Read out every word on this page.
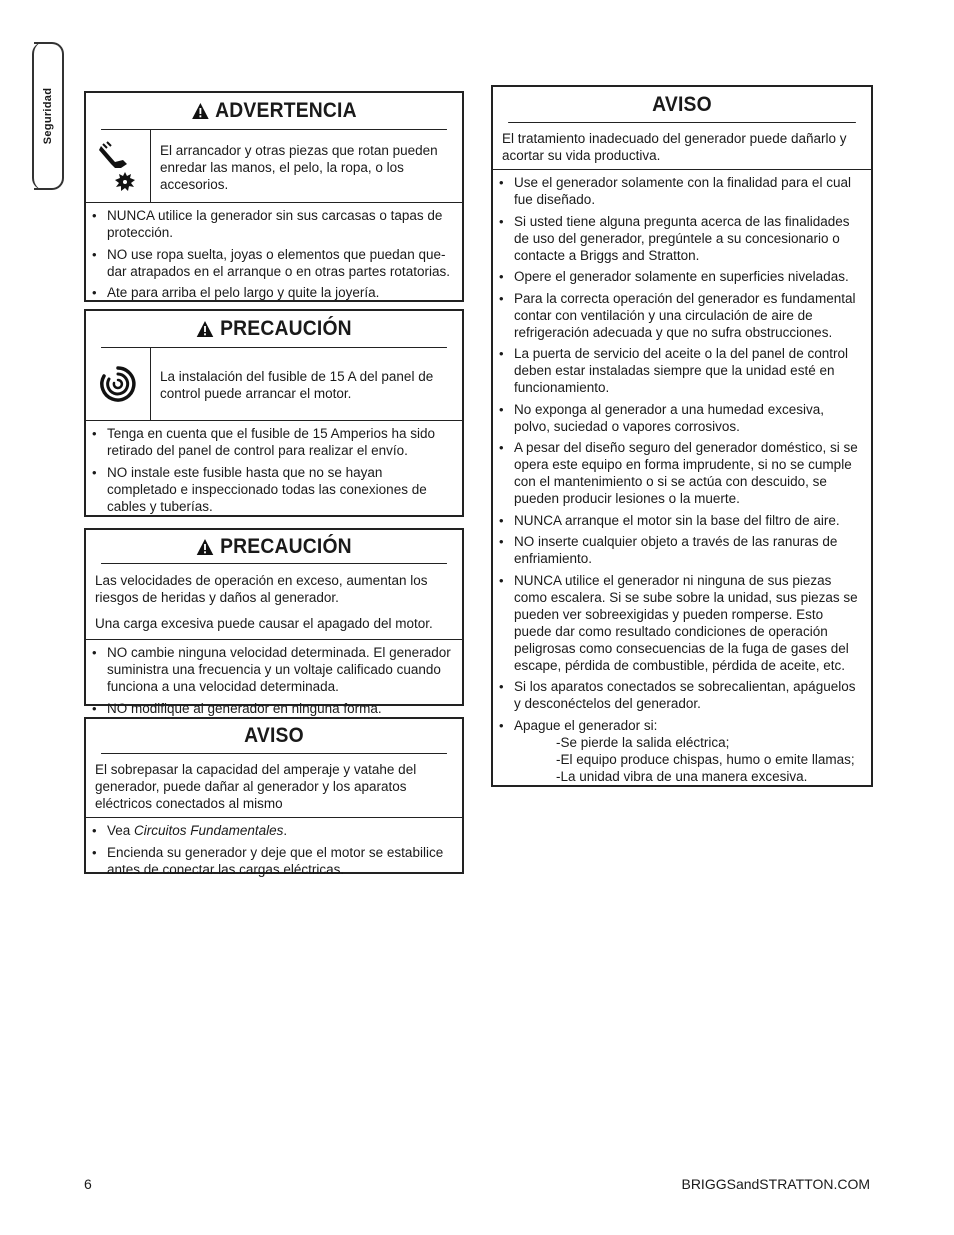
Seguridad	ADVERTENCIA
El arrancador y otras piezas que rotan pueden enredar las manos, el pelo, la ropa, o los accesorios.
• NUNCA utilice la generador sin sus carcasas o tapas de protección.
• NO use ropa suelta, joyas o elementos que puedan que-dar atrapados en el arranque o en otras partes rotatorias.
• Ate para arriba el pelo largo y quite la joyería.
PRECAUCIÓN
La instalación del fusible de 15 A del panel de control puede arrancar el motor.
• Tenga en cuenta que el fusible de 15 Amperios ha sido retirado del panel de control para realizar el envío.
• NO instale este fusible hasta que no se hayan completado e inspeccionado todas las conexiones de cables y tuberías.
PRECAUCIÓN
Las velocidades de operación en exceso, aumentan los riesgos de heridas y daños al generador.
Una carga excesiva puede causar el apagado del motor.
• NO cambie ninguna velocidad determinada. El generador suministra una frecuencia y un voltaje calificado cuando funciona a una velocidad determinada.
• NO modifique al generador en ninguna forma.
AVISO
El sobrepasar la capacidad del amperaje y vatahe del generador, puede dañar al generador y los aparatos eléctricos conectados al mismo
• Vea Circuitos Fundamentales.
• Encienda su generador y deje que el motor se estabilice antes de conectar las cargas eléctricas.
AVISO
El tratamiento inadecuado del generador puede dañarlo y acortar su vida productiva.
• Use el generador solamente con la finalidad para el cual fue diseñado.
• Si usted tiene alguna pregunta acerca de las finalidades de uso del generador, pregúntele a su concesionario o contacte a Briggs and Stratton.
• Opere el generador solamente en superficies niveladas.
• Para la correcta operación del generador es fundamental contar con ventilación y una circulación de aire de refrigeración adecuada y que no sufra obstrucciones.
• La puerta de servicio del aceite o la del panel de control deben estar instaladas siempre que la unidad esté en funcionamiento.
• No exponga al generador a una humedad excesiva, polvo, suciedad o vapores corrosivos.
• A pesar del diseño seguro del generador doméstico, si se opera este equipo en forma imprudente, si no se cumple con el mantenimiento o si se actúa con descuido, se pueden producir lesiones o la muerte.
• NUNCA arranque el motor sin la base del filtro de aire.
• NO inserte cualquier objeto a través de las ranuras de enfriamiento.
• NUNCA utilice el generador ni ninguna de sus piezas como escalera. Si se sube sobre la unidad, sus piezas se pueden ver sobreexigidas y pueden romperse. Esto puede dar como resultado condiciones de operación peligrosas como consecuencias de la fuga de gases del escape, pérdida de combustible, pérdida de aceite, etc.
• Si los aparatos conectados se sobrecalientan, apáguelos y desconéctelos del generador.
• Apague el generador si:
-Se pierde la salida eléctrica;
-El equipo produce chispas, humo o emite llamas;
-La unidad vibra de una manera excesiva.
6	BRIGGSandSTRATTON.COM
